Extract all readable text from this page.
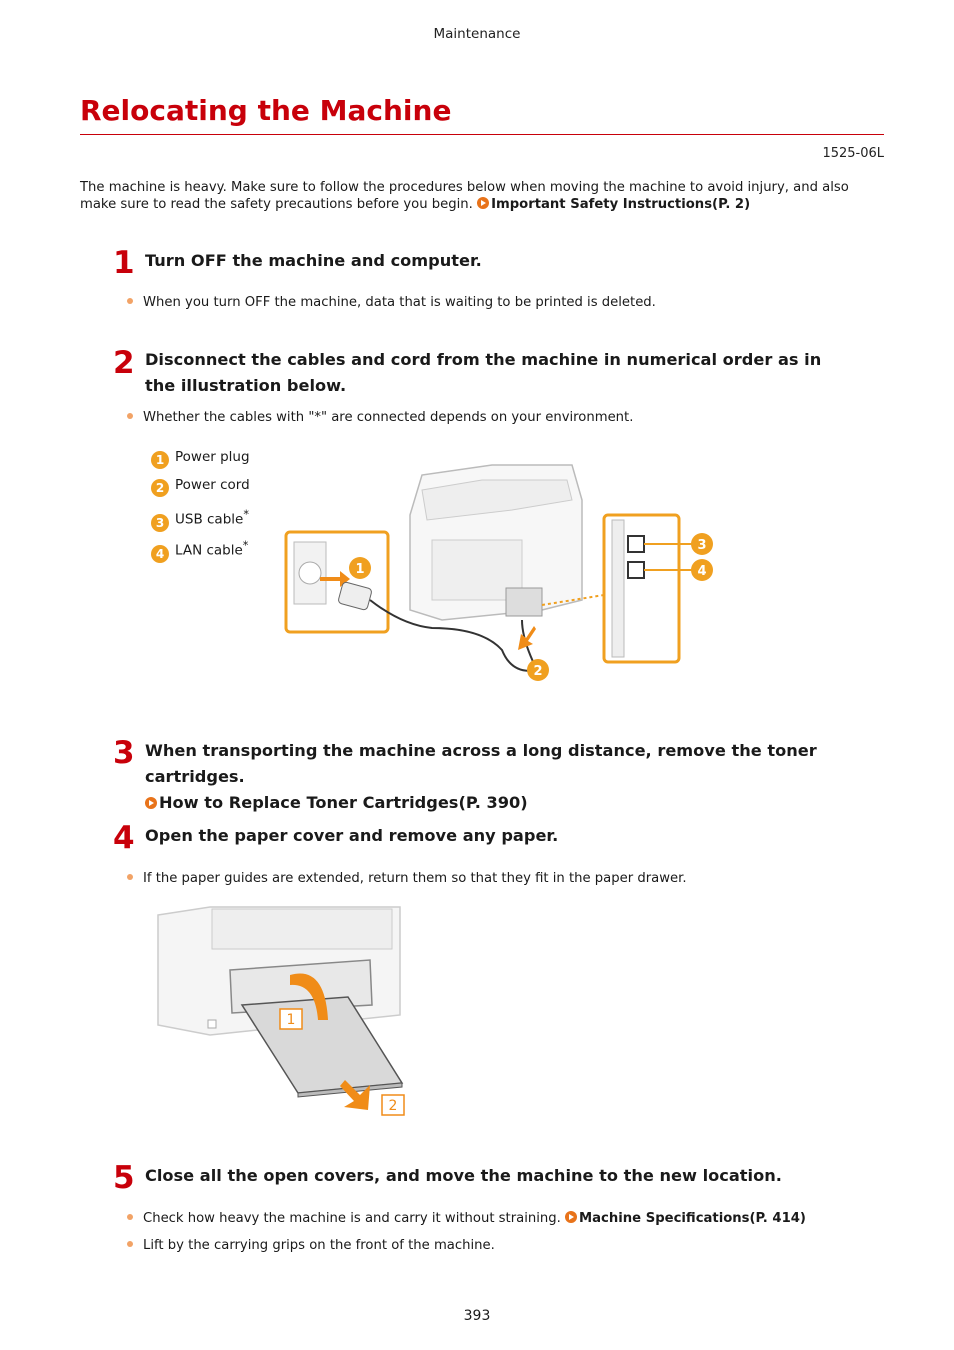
Maintenance
Relocating the Machine
1525-06L
The machine is heavy. Make sure to follow the procedures below when moving the machine to avoid injury, and also make sure to read the safety precautions before you begin. Important Safety Instructions(P. 2)
1 Turn OFF the machine and computer.
When you turn OFF the machine, data that is waiting to be printed is deleted.
2 Disconnect the cables and cord from the machine in numerical order as in the illustration below.
Whether the cables with "*" are connected depends on your environment.
1 Power plug
2 Power cord
3 USB cable*
4 LAN cable*
1
2
3
4
3 When transporting the machine across a long distance, remove the toner cartridges.
How to Replace Toner Cartridges(P. 390)
4 Open the paper cover and remove any paper.
If the paper guides are extended, return them so that they fit in the paper drawer.
1
2
5 Close all the open covers, and move the machine to the new location.
Check how heavy the machine is and carry it without straining. Machine Specifications(P. 414)
Lift by the carrying grips on the front of the machine.
393
